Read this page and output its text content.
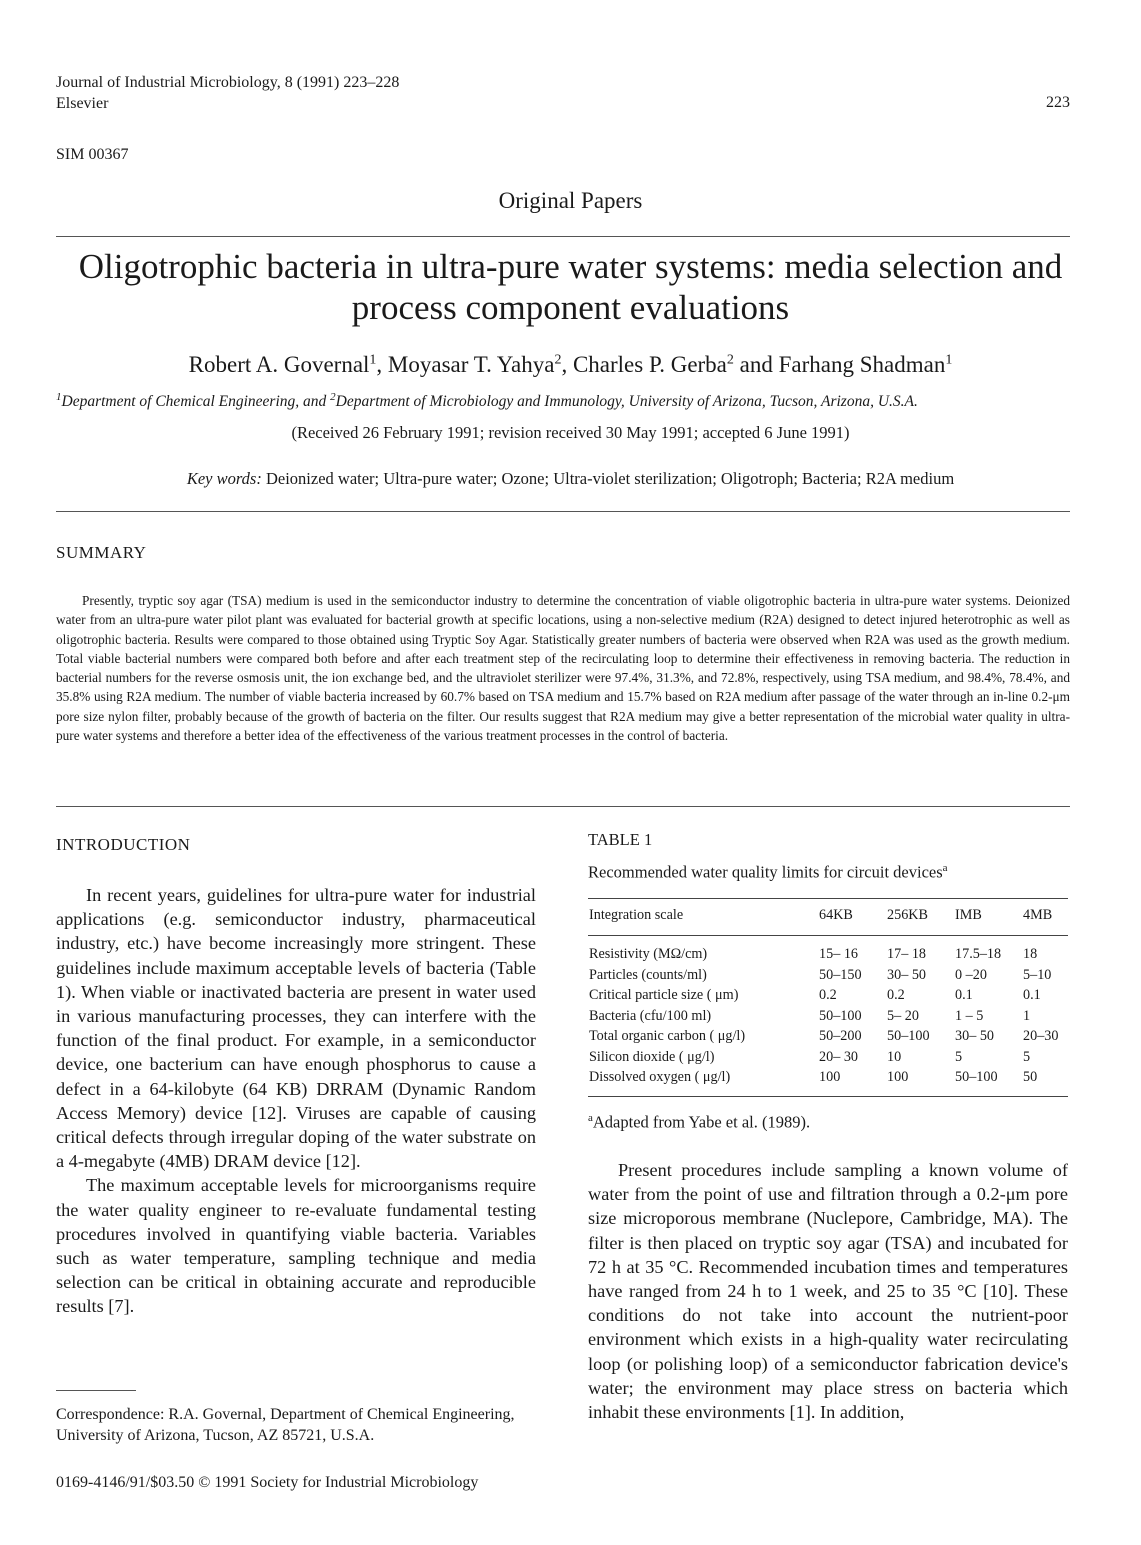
Journal of Industrial Microbiology, 8 (1991) 223–228
Elsevier	223
SIM 00367
Original Papers
Oligotrophic bacteria in ultra-pure water systems: media selection and process component evaluations
Robert A. Governal$^1$, Moyasar T. Yahya$^2$, Charles P. Gerba$^2$ and Farhang Shadman$^1$
$^1$Department of Chemical Engineering, and $^2$Department of Microbiology and Immunology, University of Arizona, Tucson, Arizona, U.S.A.
(Received 26 February 1991; revision received 30 May 1991; accepted 6 June 1991)
Key words: Deionized water; Ultra-pure water; Ozone; Ultra-violet sterilization; Oligotroph; Bacteria; R2A medium
SUMMARY
Presently, tryptic soy agar (TSA) medium is used in the semiconductor industry to determine the concentration of viable oligotrophic bacteria in ultra-pure water systems. Deionized water from an ultra-pure water pilot plant was evaluated for bacterial growth at specific locations, using a non-selective medium (R2A) designed to detect injured heterotrophic as well as oligotrophic bacteria. Results were compared to those obtained using Tryptic Soy Agar. Statistically greater numbers of bacteria were observed when R2A was used as the growth medium. Total viable bacterial numbers were compared both before and after each treatment step of the recirculating loop to determine their effectiveness in removing bacteria. The reduction in bacterial numbers for the reverse osmosis unit, the ion exchange bed, and the ultraviolet sterilizer were 97.4%, 31.3%, and 72.8%, respectively, using TSA medium, and 98.4%, 78.4%, and 35.8% using R2A medium. The number of viable bacteria increased by 60.7% based on TSA medium and 15.7% based on R2A medium after passage of the water through an in-line 0.2-μm pore size nylon filter, probably because of the growth of bacteria on the filter. Our results suggest that R2A medium may give a better representation of the microbial water quality in ultra-pure water systems and therefore a better idea of the effectiveness of the various treatment processes in the control of bacteria.
INTRODUCTION

In recent years, guidelines for ultra-pure water for industrial applications (e.g. semiconductor industry, pharmaceutical industry, etc.) have become increasingly more stringent. These guidelines include maximum acceptable levels of bacteria (Table 1). When viable or inactivated bacteria are present in water used in various manufacturing processes, they can interfere with the function of the final product. For example, in a semiconductor device, one bacterium can have enough phosphorus to cause a defect in a 64-kilobyte (64 KB) DRRAM (Dynamic Random Access Memory) device [12]. Viruses are capable of causing critical defects through irregular doping of the water substrate on a 4-megabyte (4MB) DRAM device [12].

The maximum acceptable levels for microorganisms require the water quality engineer to re-evaluate fundamental testing procedures involved in quantifying viable bacteria. Variables such as water temperature, sampling technique and media selection can be critical in obtaining accurate and reproducible results [7].

Correspondence: R.A. Governal, Department of Chemical Engineering, University of Arizona, Tucson, AZ 85721, U.S.A.
0169-4146/91/$03.50 © 1991 Society for Industrial Microbiology
TABLE 1
Recommended water quality limits for circuit devices$^a$
Integration scale	64KB	256KB	IMB	4MB
Resistivity (MΩ/cm)	15– 16	17– 18	17.5–18	18
Particles (counts/ml)	50–150	30– 50	0 –20	5–10
Critical particle size ( μm)	0.2	0.2	0.1	0.1
Bacteria (cfu/100 ml)	50–100	5– 20	1 – 5	1
Total organic carbon ( μg/l)	50–200	50–100	30– 50	20–30
Silicon dioxide ( μg/l)	20– 30	10	5	5
Dissolved oxygen ( μg/l)	100	100	50–100	50
$^a$Adapted from Yabe et al. (1989).

Present procedures include sampling a known volume of water from the point of use and filtration through a 0.2-μm pore size microporous membrane (Nuclepore, Cambridge, MA). The filter is then placed on tryptic soy agar (TSA) and incubated for 72 h at 35 °C. Recommended incubation times and temperatures have ranged from 24 h to 1 week, and 25 to 35 °C [10]. These conditions do not take into account the nutrient-poor environment which exists in a high-quality water recirculating loop (or polishing loop) of a semiconductor fabrication device's water; the environment may place stress on bacteria which inhabit these environments [1]. In addition,
